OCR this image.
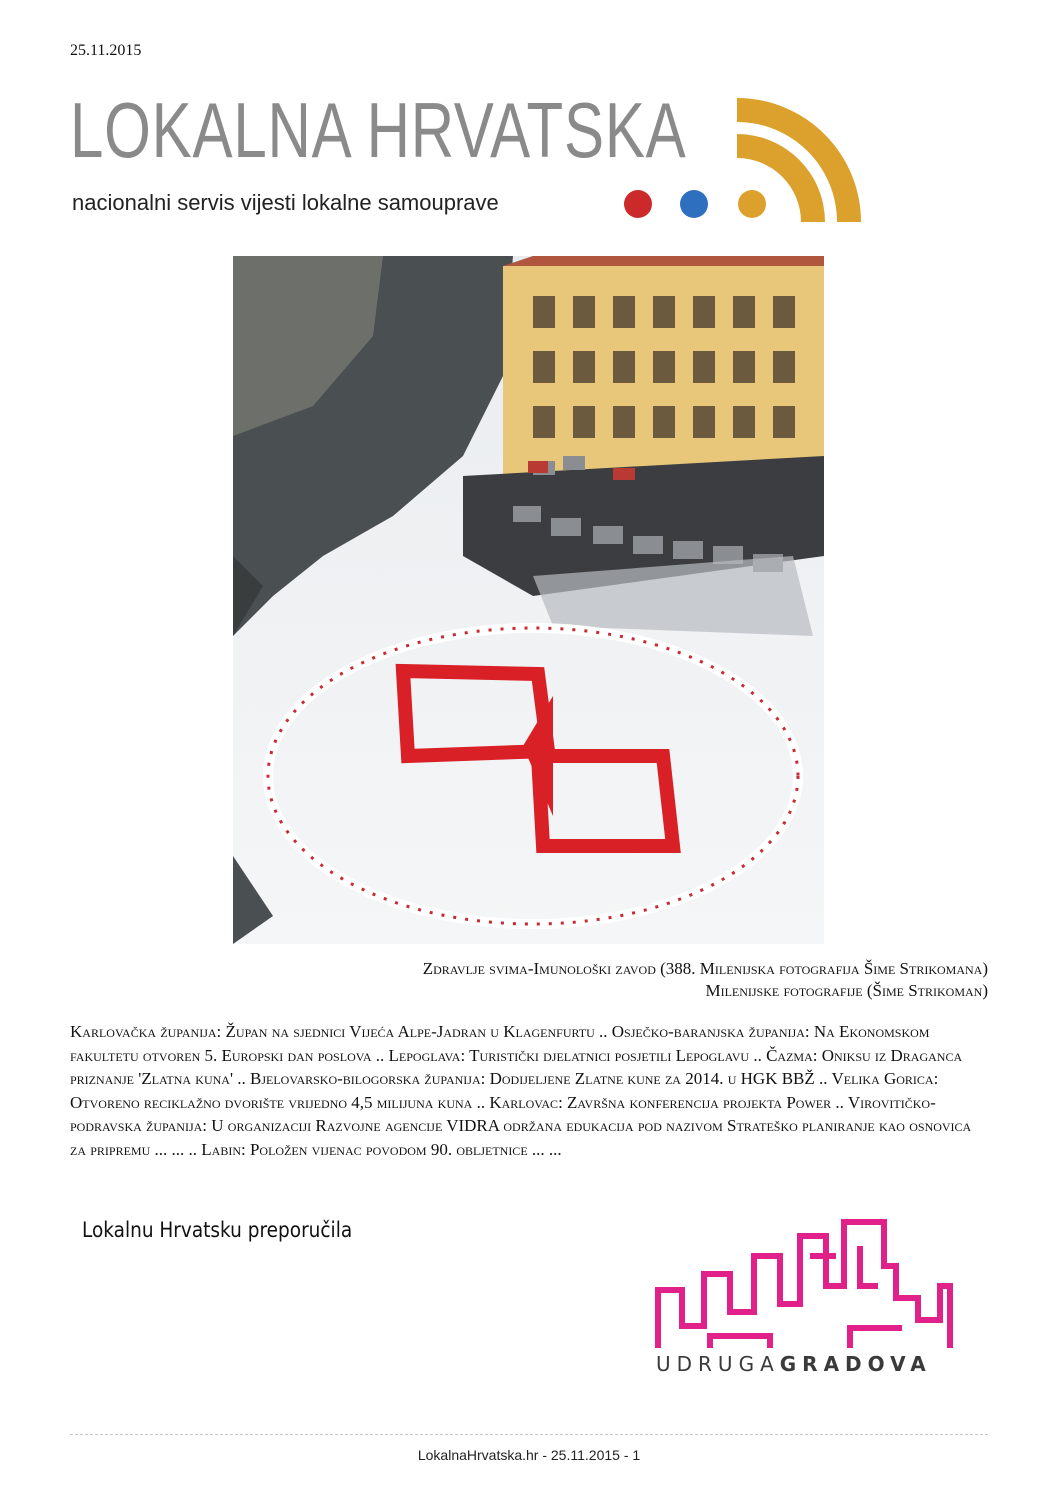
25.11.2015
LOKALNA HRVATSKA
nacionalni servis vijesti lokalne samouprave
Zdravlje svima-Imunološki zavod (388. Milenijska fotografija Šime Strikomana)
Milenijske fotografije (Šime Strikoman)
Karlovačka županija: Župan na sjednici Vijeća Alpe-Jadran u Klagenfurtu .. Osječko-baranjska županija: Na Ekonomskom fakultetu otvoren 5. Europski dan poslova .. Lepoglava: Turistički djelatnici posjetili Lepoglavu .. Čazma: Oniksu iz Draganca priznanje 'Zlatna kuna' .. Bjelovarsko-bilogorska županija: Dodijeljene Zlatne kune za 2014. u HGK BBŽ .. Velika Gorica: Otvoreno reciklažno dvorište vrijedno 4,5 milijuna kuna .. Karlovac: Završna konferencija projekta Power .. Virovitičko-podravska županija: U organizaciji Razvojne agencije VIDRA održana edukacija pod nazivom Strateško planiranje kao osnovica za pripremu ... ... .. Labin: Položen vijenac povodom 90. obljetnice ... ...
Lokalnu Hrvatsku preporučila
UDRUGAGRADOVA
LokalnaHrvatska.hr - 25.11.2015 - 1
